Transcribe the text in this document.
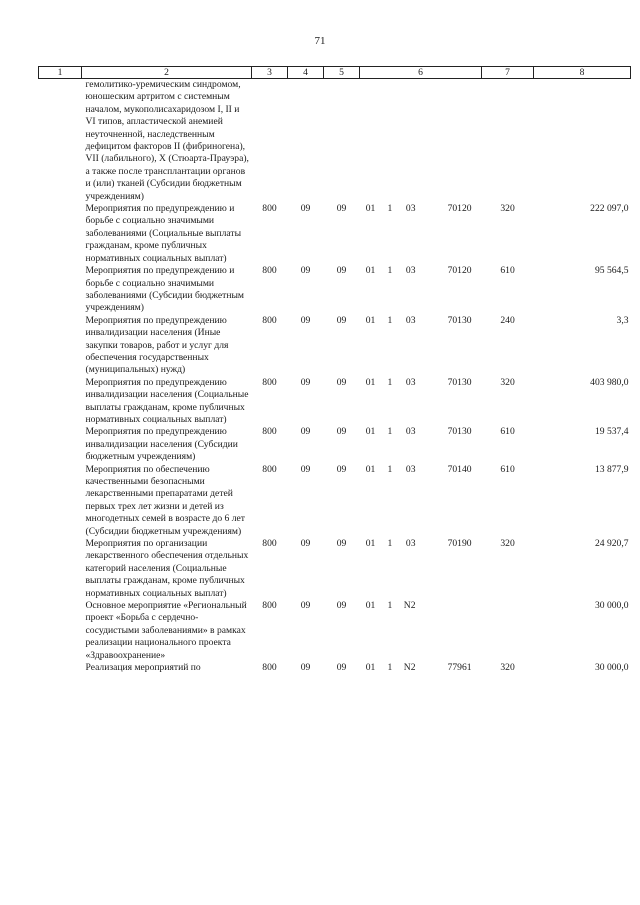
71
1	2	3	4	5	6				7	8
	гемолитико-уремическим синдромом, юношеским артритом с системным началом, мукополисахаридозом I, II и VI типов, апластической анемией неуточненной, наследственным дефицитом факторов II (фибриногена), VII (лабильного), X (Стюарта-Прауэра), а также после трансплантации органов и (или) тканей (Субсидии бюджетным учреждениям)									
	Мероприятия по предупреждению и борьбе с социально значимыми заболеваниями (Социальные выплаты гражданам, кроме публичных нормативных социальных выплат)	800	09	09	01	1	03	70120	320	222 097,0
	Мероприятия по предупреждению и борьбе с социально значимыми заболеваниями (Субсидии бюджетным учреждениям)	800	09	09	01	1	03	70120	610	95 564,5
	Мероприятия по предупреждению инвалидизации населения (Иные закупки товаров, работ и услуг для обеспечения государственных (муниципальных) нужд)	800	09	09	01	1	03	70130	240	3,3
	Мероприятия по предупреждению инвалидизации населения (Социальные выплаты гражданам, кроме публичных нормативных социальных выплат)	800	09	09	01	1	03	70130	320	403 980,0
	Мероприятия по предупреждению инвалидизации населения (Субсидии бюджетным учреждениям)	800	09	09	01	1	03	70130	610	19 537,4
	Мероприятия по обеспечению качественными безопасными лекарственными препаратами детей первых трех лет жизни и детей из многодетных семей в возрасте до 6 лет (Субсидии бюджетным учреждениям)	800	09	09	01	1	03	70140	610	13 877,9
	Мероприятия по организации лекарственного обеспечения отдельных категорий населения (Социальные выплаты гражданам, кроме публичных нормативных социальных выплат)	800	09	09	01	1	03	70190	320	24 920,7
	Основное мероприятие «Региональный проект «Борьба с сердечно-сосудистыми заболеваниями» в рамках реализации национального проекта «Здравоохранение»	800	09	09	01	1	N2			30 000,0
	Реализация мероприятий по	800	09	09	01	1	N2	77961	320	30 000,0
